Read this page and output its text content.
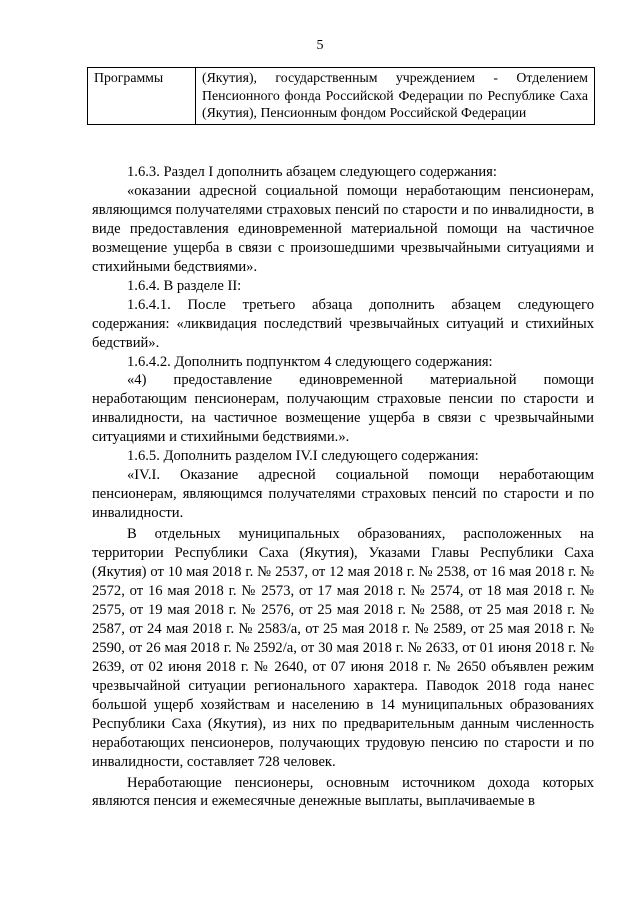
5
Программы	(Якутия), государственным учреждением - Отделением Пенсионного фонда Российской Федерации по Республике Саха (Якутия), Пенсионным фондом Российской Федерации

1.6.3. Раздел I дополнить абзацем следующего содержания:

«оказании адресной социальной помощи неработающим пенсионерам, являющимся получателями страховых пенсий по старости и по инвалидности, в виде предоставления единовременной материальной помощи на частичное возмещение ущерба в связи с произошедшими чрезвычайными ситуациями и стихийными бедствиями».

1.6.4. В разделе II:

1.6.4.1. После третьего абзаца дополнить абзацем следующего содержания: «ликвидация последствий чрезвычайных ситуаций и стихийных бедствий».

1.6.4.2. Дополнить подпунктом 4 следующего содержания:

«4) предоставление единовременной материальной помощи неработающим пенсионерам, получающим страховые пенсии по старости и инвалидности, на частичное возмещение ущерба в связи с чрезвычайными ситуациями и стихийными бедствиями.».

1.6.5. Дополнить разделом IV.I следующего содержания:

«IV.I. Оказание адресной социальной помощи неработающим пенсионерам, являющимся получателями страховых пенсий по старости и по инвалидности.

В отдельных муниципальных образованиях, расположенных на территории Республики Саха (Якутия), Указами Главы Республики Саха (Якутия) от 10 мая 2018 г. № 2537, от 12 мая 2018 г. № 2538, от 16 мая 2018 г. № 2572, от 16 мая 2018 г. № 2573, от 17 мая 2018 г. № 2574, от 18 мая 2018 г. № 2575, от 19 мая 2018 г. № 2576, от 25 мая 2018 г. № 2588, от 25 мая 2018 г. № 2587, от 24 мая 2018 г. № 2583/а, от 25 мая 2018 г. № 2589, от 25 мая 2018 г. № 2590, от 26 мая 2018 г. № 2592/а, от 30 мая 2018 г. № 2633, от 01 июня 2018 г. № 2639, от 02 июня 2018 г. № 2640, от 07 июня 2018 г. № 2650 объявлен режим чрезвычайной ситуации регионального характера. Паводок 2018 года нанес большой ущерб хозяйствам и населению в 14 муниципальных образованиях Республики Саха (Якутия), из них по предварительным данным численность неработающих пенсионеров, получающих трудовую пенсию по старости и по инвалидности, составляет 728 человек.

Неработающие пенсионеры, основным источником дохода которых являются пенсия и ежемесячные денежные выплаты, выплачиваемые в
